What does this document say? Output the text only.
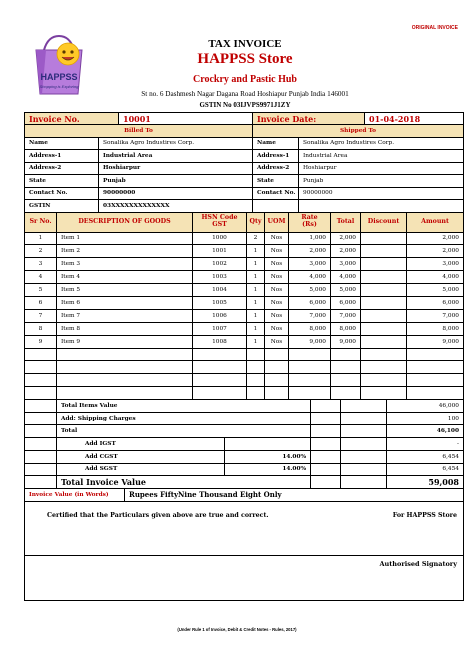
ORIGINAL INVOICE
HAPPSS
Shopping is Exploring
TAX INVOICE
HAPPSS Store
Crockry and Pastic Hub
St no. 6 Dashmesh Nagar Dagana Road Hoshiapur Punjab India 146001
GSTIN No 03IJVPS9971J1ZY
Invoice No.	10001	Invoice Date:	01-04-2018
Billed To	Shipped To
Name	Sonalika Agro Industires Corp.	Name	Sonalika Agro Industires Corp.
Address-1	Industrial Area	Address-1	Industrial Area
Address-2	Hoshiarpur	Address-2	Hoshiarpur
State	Punjab	State	Punjab
Contact No.	90000000	Contact No.	90000000
GSTIN	03XXXXXXXXXXXXX
Sr No.	DESCRIPTION OF GOODS	HSN Code GST	Qty UOM	Rate (Rs)	Total	Discount	Amount
1	Item 1	1000	2	Nos	1,000	2,000	2,000
2	Item 2	1001	1	Nos	2,000	2,000	2,000
3	Item 3	1002	1	Nos	3,000	3,000	3,000
4	Item 4	1003	1	Nos	4,000	4,000	4,000
5	Item 5	1004	1	Nos	5,000	5,000	5,000
6	Item 6	1005	1	Nos	6,000	6,000	6,000
7	Item 7	1006	1	Nos	7,000	7,000	7,000
8	Item 8	1007	1	Nos	8,000	8,000	8,000
9	Item 9	1008	1	Nos	9,000	9,000	9,000
Total Items Value	46,000
Add: Shipping Charges	100
Total	46,100
Add IGST	-
Add CGST	14.00%	6,454
Add SGST	14.00%	6,454
Total Invoice Value	59,008
Invoice Value (in Words)	Rupees FiftyNine Thousand Eight Only
Certified that the Particulars given above are true and correct.	For HAPPSS Store
Authorised Signatory
(Under Rule 1 of Invoice, Debit & Credit Notes - Rules, 2017)
